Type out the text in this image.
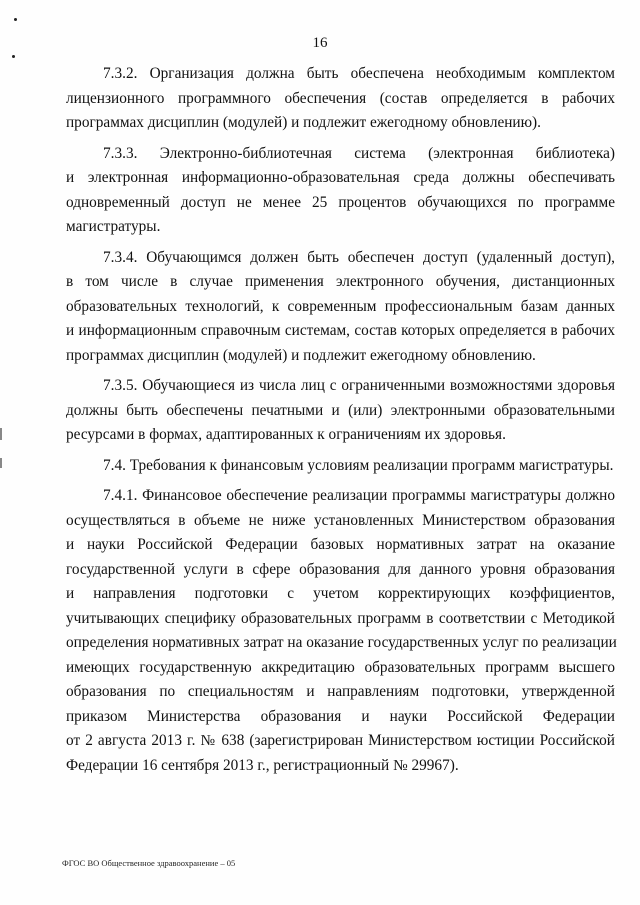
16
7.3.2. Организация должна быть обеспечена необходимым комплектом
лицензионного программного обеспечения (состав определяется в рабочих
программах дисциплин (модулей) и подлежит ежегодному обновлению).
7.3.3. Электронно-библиотечная система (электронная библиотека)
и электронная информационно-образовательная среда должны обеспечивать
одновременный доступ не менее 25 процентов обучающихся по программе
магистратуры.
7.3.4. Обучающимся должен быть обеспечен доступ (удаленный доступ),
в том числе в случае применения электронного обучения, дистанционных
образовательных технологий, к современным профессиональным базам данных
и информационным справочным системам, состав которых определяется в рабочих
программах дисциплин (модулей) и подлежит ежегодному обновлению.
7.3.5. Обучающиеся из числа лиц с ограниченными возможностями здоровья
должны быть обеспечены печатными и (или) электронными образовательными
ресурсами в формах, адаптированных к ограничениям их здоровья.
7.4. Требования к финансовым условиям реализации программ магистратуры.
7.4.1. Финансовое обеспечение реализации программы магистратуры должно
осуществляться в объеме не ниже установленных Министерством образования
и науки Российской Федерации базовых нормативных затрат на оказание
государственной услуги в сфере образования для данного уровня образования
и направления подготовки с учетом корректирующих коэффициентов,
учитывающих специфику образовательных программ в соответствии с Методикой
определения нормативных затрат на оказание государственных услуг по реализации
имеющих государственную аккредитацию образовательных программ высшего
образования по специальностям и направлениям подготовки, утвержденной
приказом Министерства образования и науки Российской Федерации
от 2 августа 2013 г. № 638 (зарегистрирован Министерством юстиции Российской
Федерации 16 сентября 2013 г., регистрационный № 29967).
ФГОС ВО Общественное здравоохранение – 05
